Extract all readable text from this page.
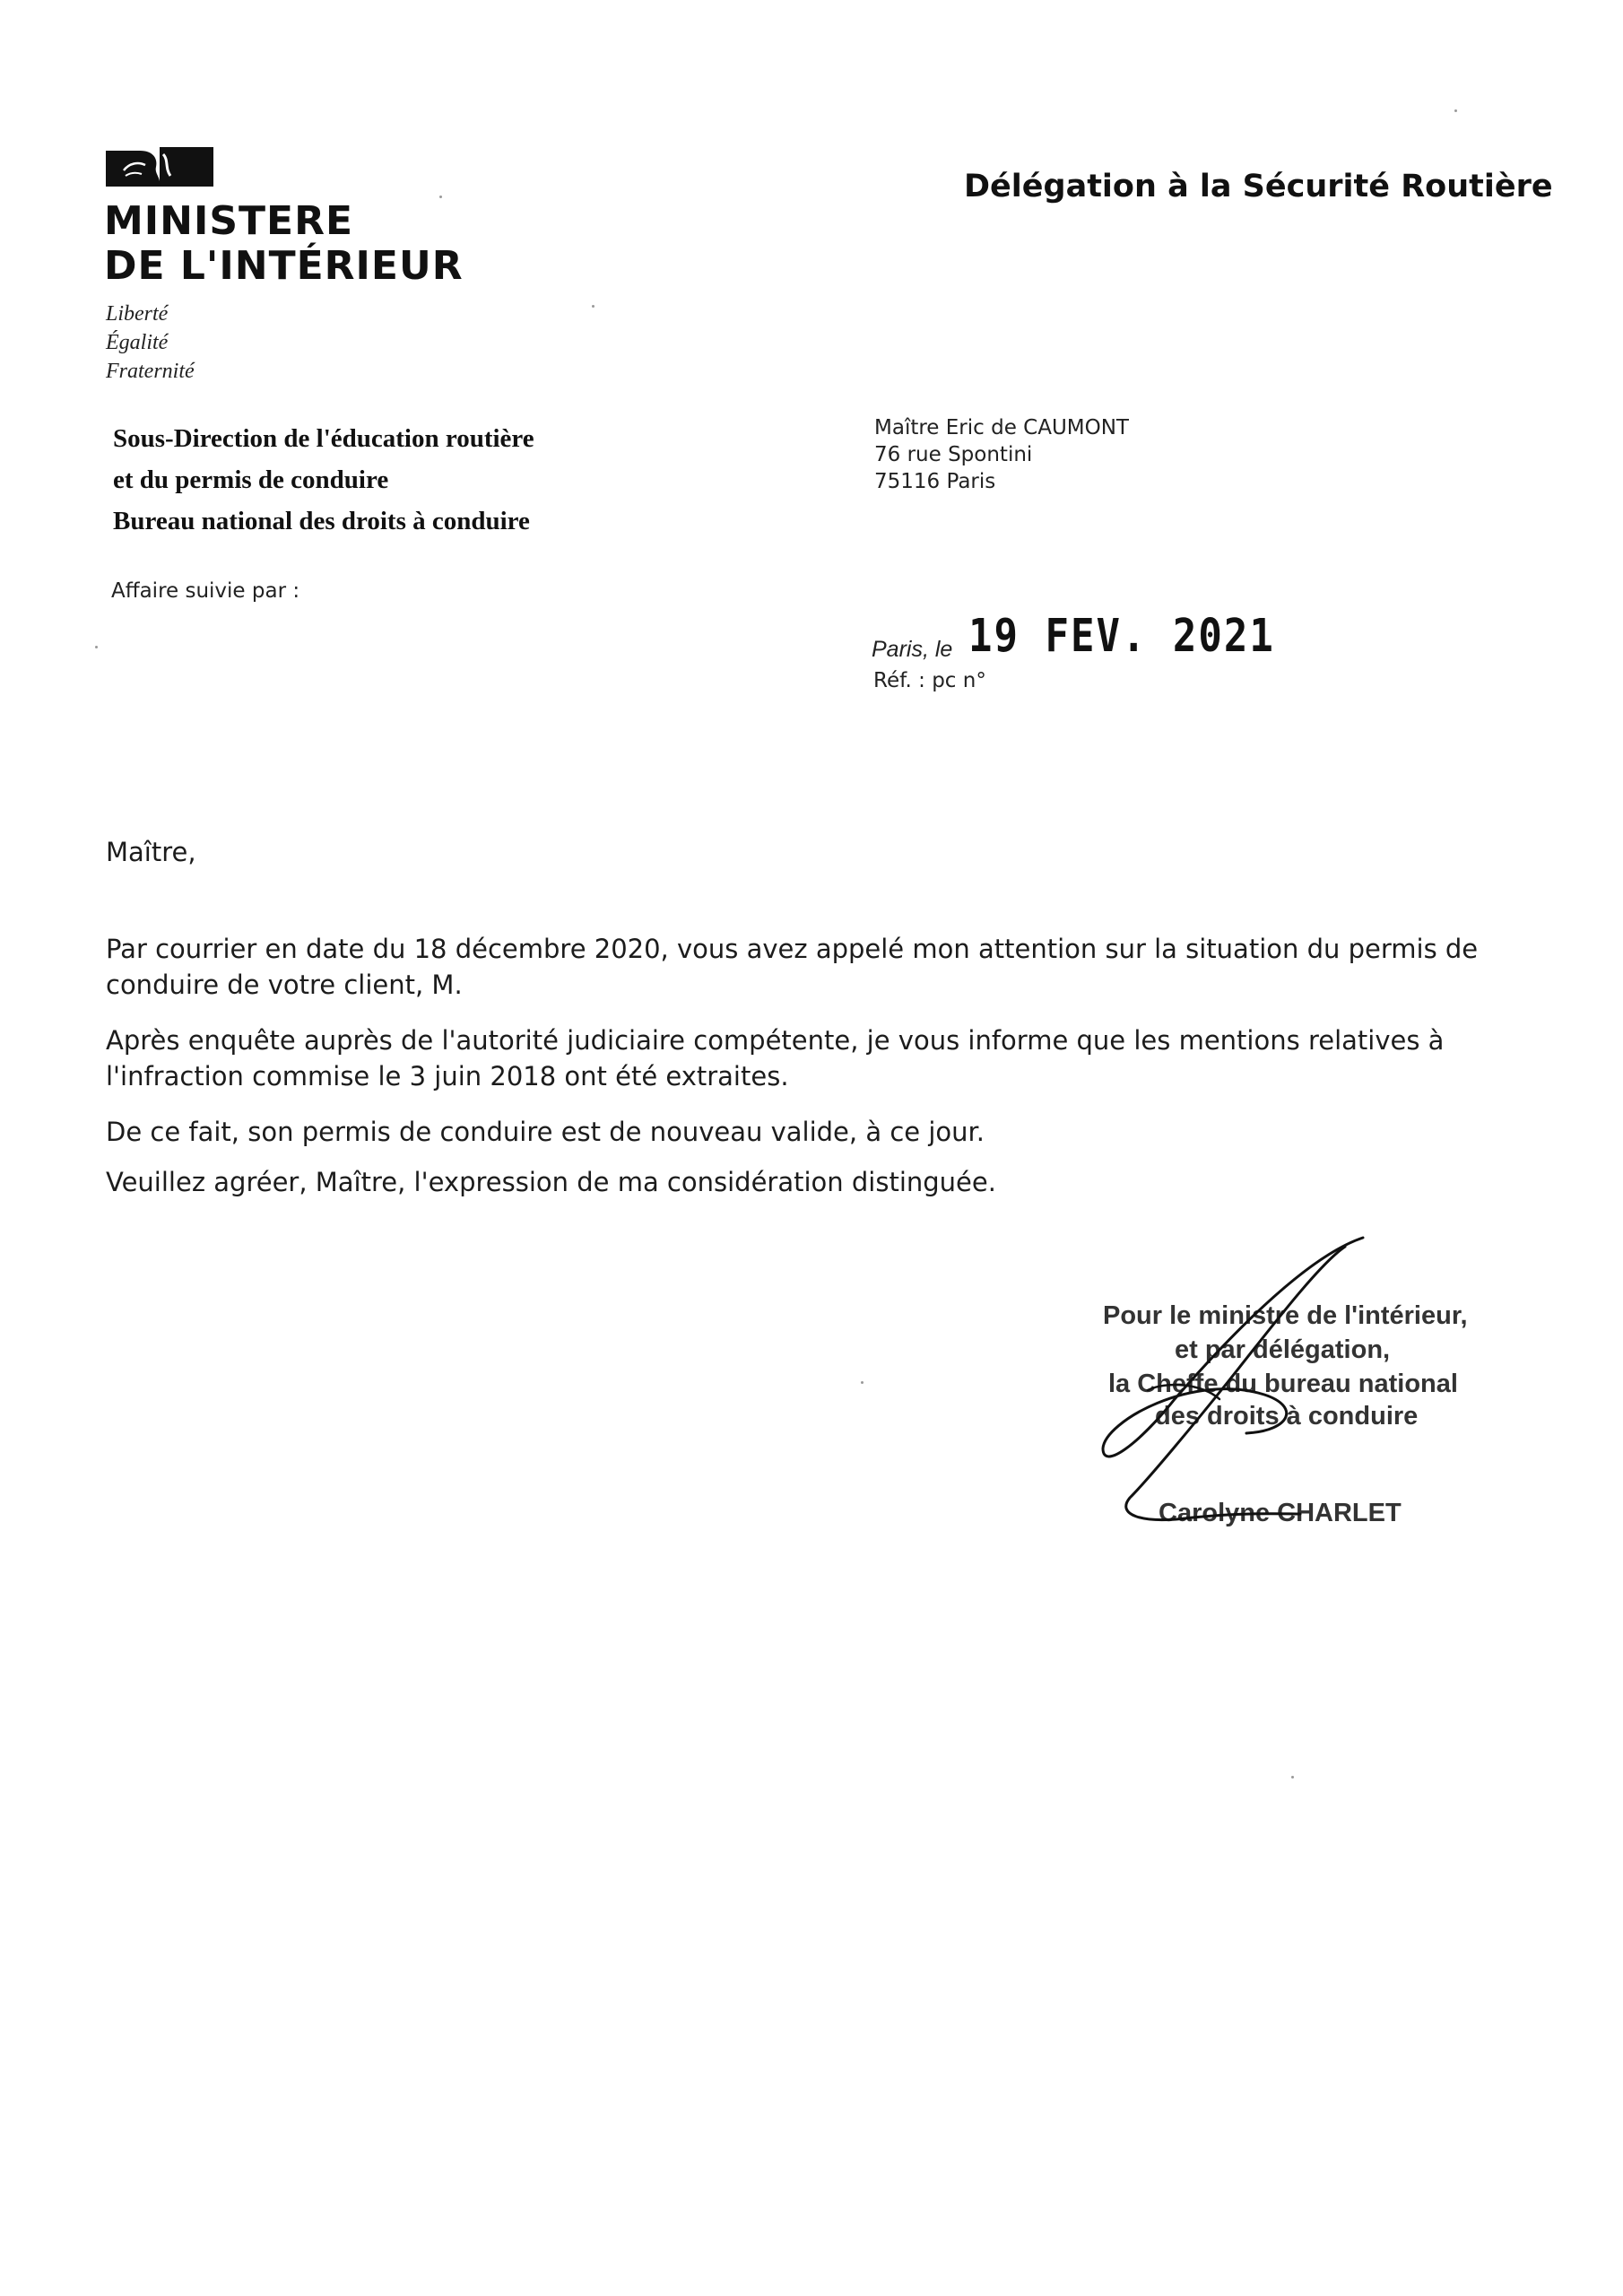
MINISTERE
DE L'INTÉRIEUR
Liberté
Égalité
Fraternité
Délégation à la Sécurité Routière
Sous-Direction de l'éducation routière
et du permis de conduire
Bureau national des droits à conduire
Affaire suivie par :
Maître Eric de CAUMONT
76 rue Spontini
75116 Paris
Paris, le 19 FEV. 2021
Réf. : pc n°
Maître,
Par courrier en date du 18 décembre 2020, vous avez appelé mon attention sur la situation du permis de conduire de votre client, M.
Après enquête auprès de l'autorité judiciaire compétente, je vous informe que les mentions relatives à l'infraction commise le 3 juin 2018 ont été extraites.
De ce fait, son permis de conduire est de nouveau valide, à ce jour.
Veuillez agréer, Maître, l'expression de ma considération distinguée.
Pour le ministre de l'intérieur,
et par délégation,
la Cheffe du bureau national
des droits à conduire
Carolyne CHARLET
